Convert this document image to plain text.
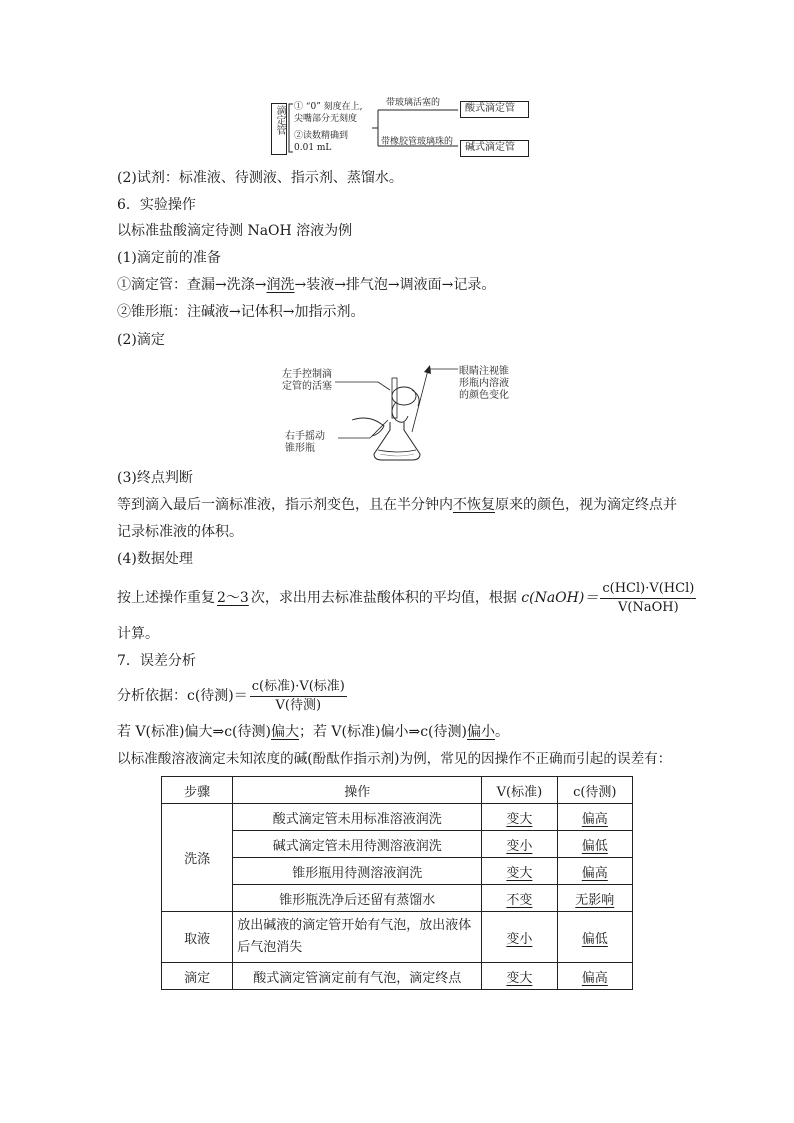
滴定管 ① “0” 刻度在上,
尖嘴部分无刻度
②读数精确到
0.01 mL
带玻璃活塞的
带橡胶管玻璃珠的
酸式滴定管
碱式滴定管
(2)试剂：标准液、待测液、指示剂、蒸馏水。
6．实验操作
以标准盐酸滴定待测 NaOH 溶液为例
(1)滴定前的准备
①滴定管：查漏→洗涤→润洗→装液→排气泡→调液面→记录。
②锥形瓶：注碱液→记体积→加指示剂。
(2)滴定
左手控制滴
定管的活塞
右手摇动
锥形瓶
眼睛注视锥
形瓶内溶液
的颜色变化
(3)终点判断
等到滴入最后一滴标准液，指示剂变色，且在半分钟内不恢复原来的颜色，视为滴定终点并
记录标准液的体积。
(4)数据处理
按上述操作重复 2～3 次，求出用去标准盐酸体积的平均值，根据 c(NaOH)＝ $\frac{\text{c(HCl)·V(HCl)}}{\text{V(NaOH)}}$
计算。
7．误差分析
分析依据：c(待测)＝ $\frac{\text{c(标准)·V(标准)}}{\text{V(待测)}}$
若 V(标准)偏大⇒c(待测)偏大；若 V(标准)偏小⇒c(待测)偏小。
以标准酸溶液滴定未知浓度的碱(酚酞作指示剂)为例，常见的因操作不正确而引起的误差有：
步骤	操作	V(标准)	c(待测)
洗涤	酸式滴定管未用标准溶液润洗	变大	偏高
	碱式滴定管未用待测溶液润洗	变小	偏低
	锥形瓶用待测溶液润洗	变大	偏高
	锥形瓶洗净后还留有蒸馏水	不变	无影响
取液	放出碱液的滴定管开始有气泡，放出液体后气泡消失	变小	偏低
滴定	酸式滴定管滴定前有气泡，滴定终点	变大	偏高
